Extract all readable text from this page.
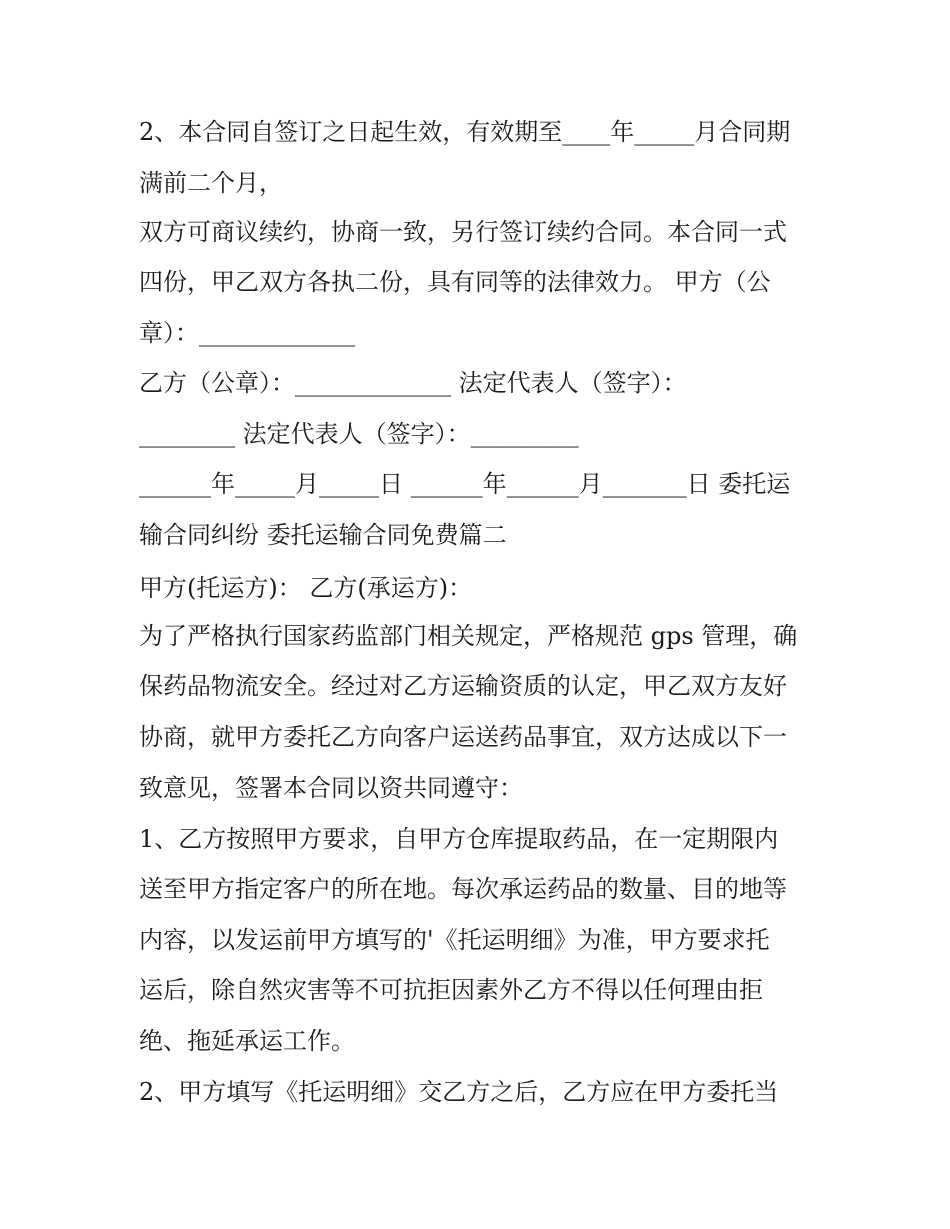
2、本合同自签订之日起生效，有效期至____年_____月合同期
满前二个月，
双方可商议续约，协商一致，另行签订续约合同。本合同一式
四份，甲乙双方各执二份，具有同等的法律效力。 甲方（公
章）：_____________
乙方（公章）：_____________ 法定代表人（签字）：
________ 法定代表人（签字）：_________
______年_____月_____日 ______年______月_______日 委托运
输合同纠纷 委托运输合同免费篇二
甲方(托运方)： 乙方(承运方)：
为了严格执行国家药监部门相关规定，严格规范 gps 管理，确
保药品物流安全。经过对乙方运输资质的认定，甲乙双方友好
协商，就甲方委托乙方向客户运送药品事宜，双方达成以下一
致意见，签署本合同以资共同遵守：
1、乙方按照甲方要求，自甲方仓库提取药品，在一定期限内
送至甲方指定客户的所在地。每次承运药品的数量、目的地等
内容，以发运前甲方填写的'《托运明细》为准，甲方要求托
运后，除自然灾害等不可抗拒因素外乙方不得以任何理由拒
绝、拖延承运工作。
2、甲方填写《托运明细》交乙方之后，乙方应在甲方委托当
